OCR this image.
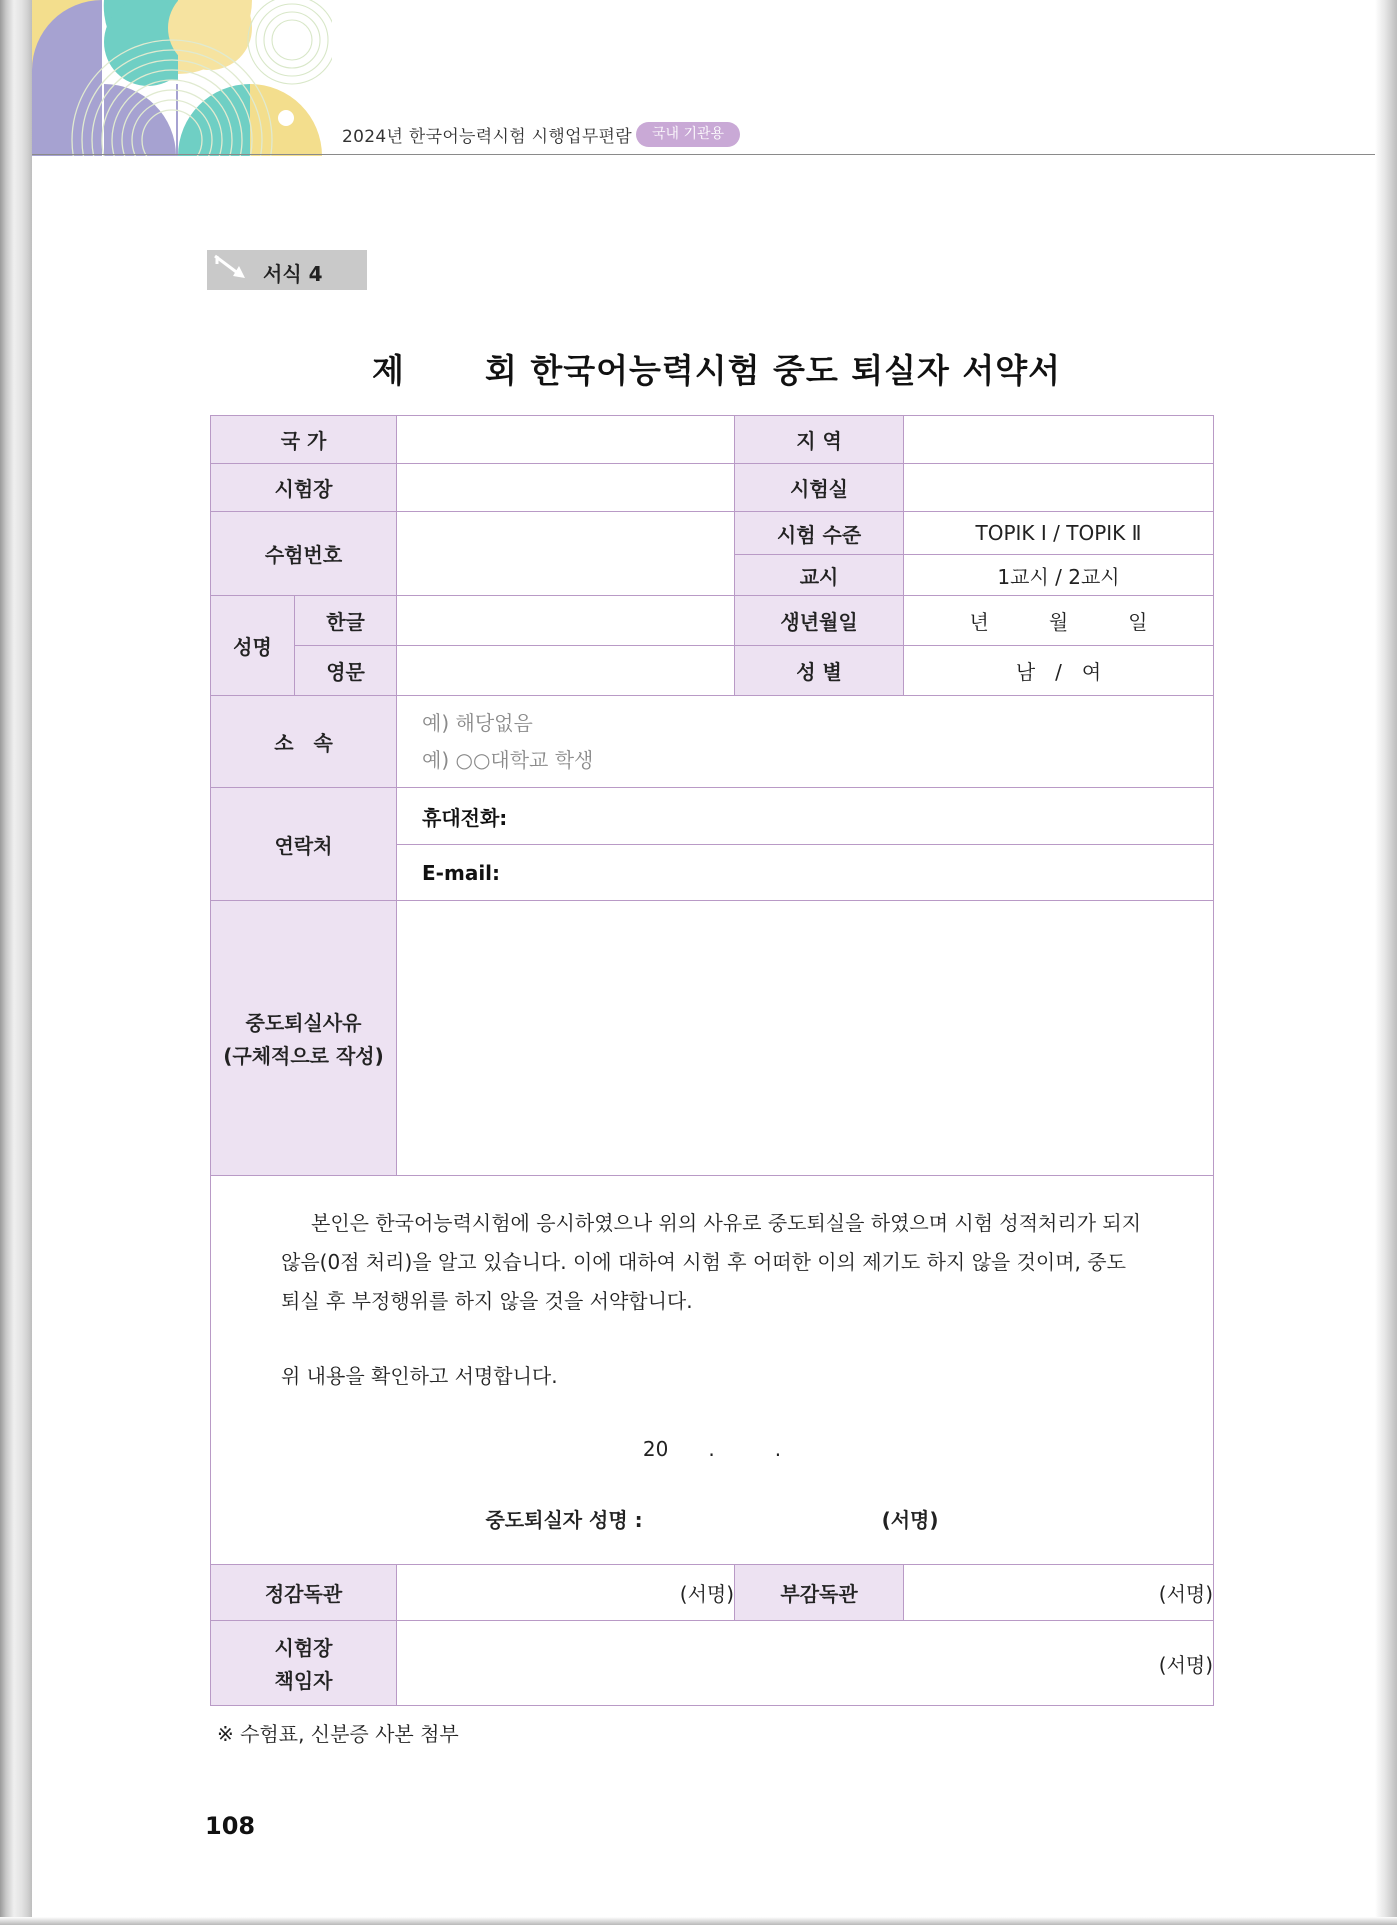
2024년 한국어능력시험 시행업무편람	국내 기관용
서식 4
제 회 한국어능력시험 중도 퇴실자 서약서
국 가			지 역	
시험장			시험실	
수험번호			시험 수준	TOPIK Ⅰ / TOPIK Ⅱ
			교시	1교시 / 2교시
성명	한글		생년월일	년　　　월　　　일
	영문		성 별	남　/　여
소　속		예) 해당없음
예) ○○대학교 학생		

연락처		휴대전화:		
		E-mail:		

중도퇴실사유
(구체적으로 작성)				

본인은 한국어능력시험에 응시하였으나 위의 사유로 중도퇴실을 하였으며 시험 성적처리가 되지 않음(0점 처리)을 알고 있습니다. 이에 대하여 시험 후 어떠한 이의 제기도 하지 않을 것이며, 중도 퇴실 후 부정행위를 하지 않을 것을 서약합니다.

위 내용을 확인하고 서명합니다.
20　　.　　　.
중도퇴실자 성명 : (서명)				

정감독관		(서명)	부감독관	(서명)

시험장
책임자		(서명)		
※ 수험표, 신분증 사본 첨부
108
